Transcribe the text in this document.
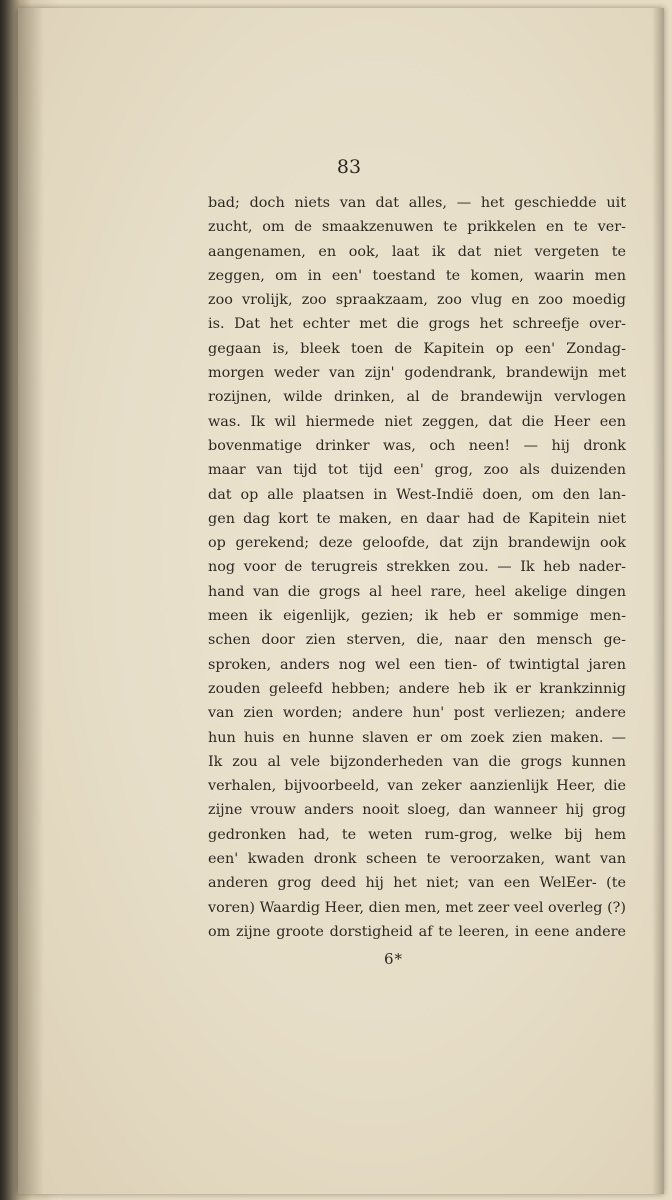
83
bad; doch niets van dat alles, — het geschiedde uit
zucht, om de smaakzenuwen te prikkelen en te ver-
aangenamen, en ook, laat ik dat niet vergeten te
zeggen, om in een' toestand te komen, waarin men
zoo vrolijk, zoo spraakzaam, zoo vlug en zoo moedig
is. Dat het echter met die grogs het schreefje over-
gegaan is, bleek toen de Kapitein op een' Zondag-
morgen weder van zijn' godendrank, brandewijn met
rozijnen, wilde drinken, al de brandewijn vervlogen
was. Ik wil hiermede niet zeggen, dat die Heer een
bovenmatige drinker was, och neen! — hij dronk
maar van tijd tot tijd een' grog, zoo als duizenden
dat op alle plaatsen in West-Indië doen, om den lan-
gen dag kort te maken, en daar had de Kapitein niet
op gerekend; deze geloofde, dat zijn brandewijn ook
nog voor de terugreis strekken zou. — Ik heb nader-
hand van die grogs al heel rare, heel akelige dingen
meen ik eigenlijk, gezien; ik heb er sommige men-
schen door zien sterven, die, naar den mensch ge-
sproken, anders nog wel een tien- of twintigtal jaren
zouden geleefd hebben; andere heb ik er krankzinnig
van zien worden; andere hun' post verliezen; andere
hun huis en hunne slaven er om zoek zien maken. —
Ik zou al vele bijzonderheden van die grogs kunnen
verhalen, bijvoorbeeld, van zeker aanzienlijk Heer, die
zijne vrouw anders nooit sloeg, dan wanneer hij grog
gedronken had, te weten rum-grog, welke bij hem
een' kwaden dronk scheen te veroorzaken, want van
anderen grog deed hij het niet; van een WelEer- (te
voren) Waardig Heer, dien men, met zeer veel overleg (?)
om zijne groote dorstigheid af te leeren, in eene andere
6*
